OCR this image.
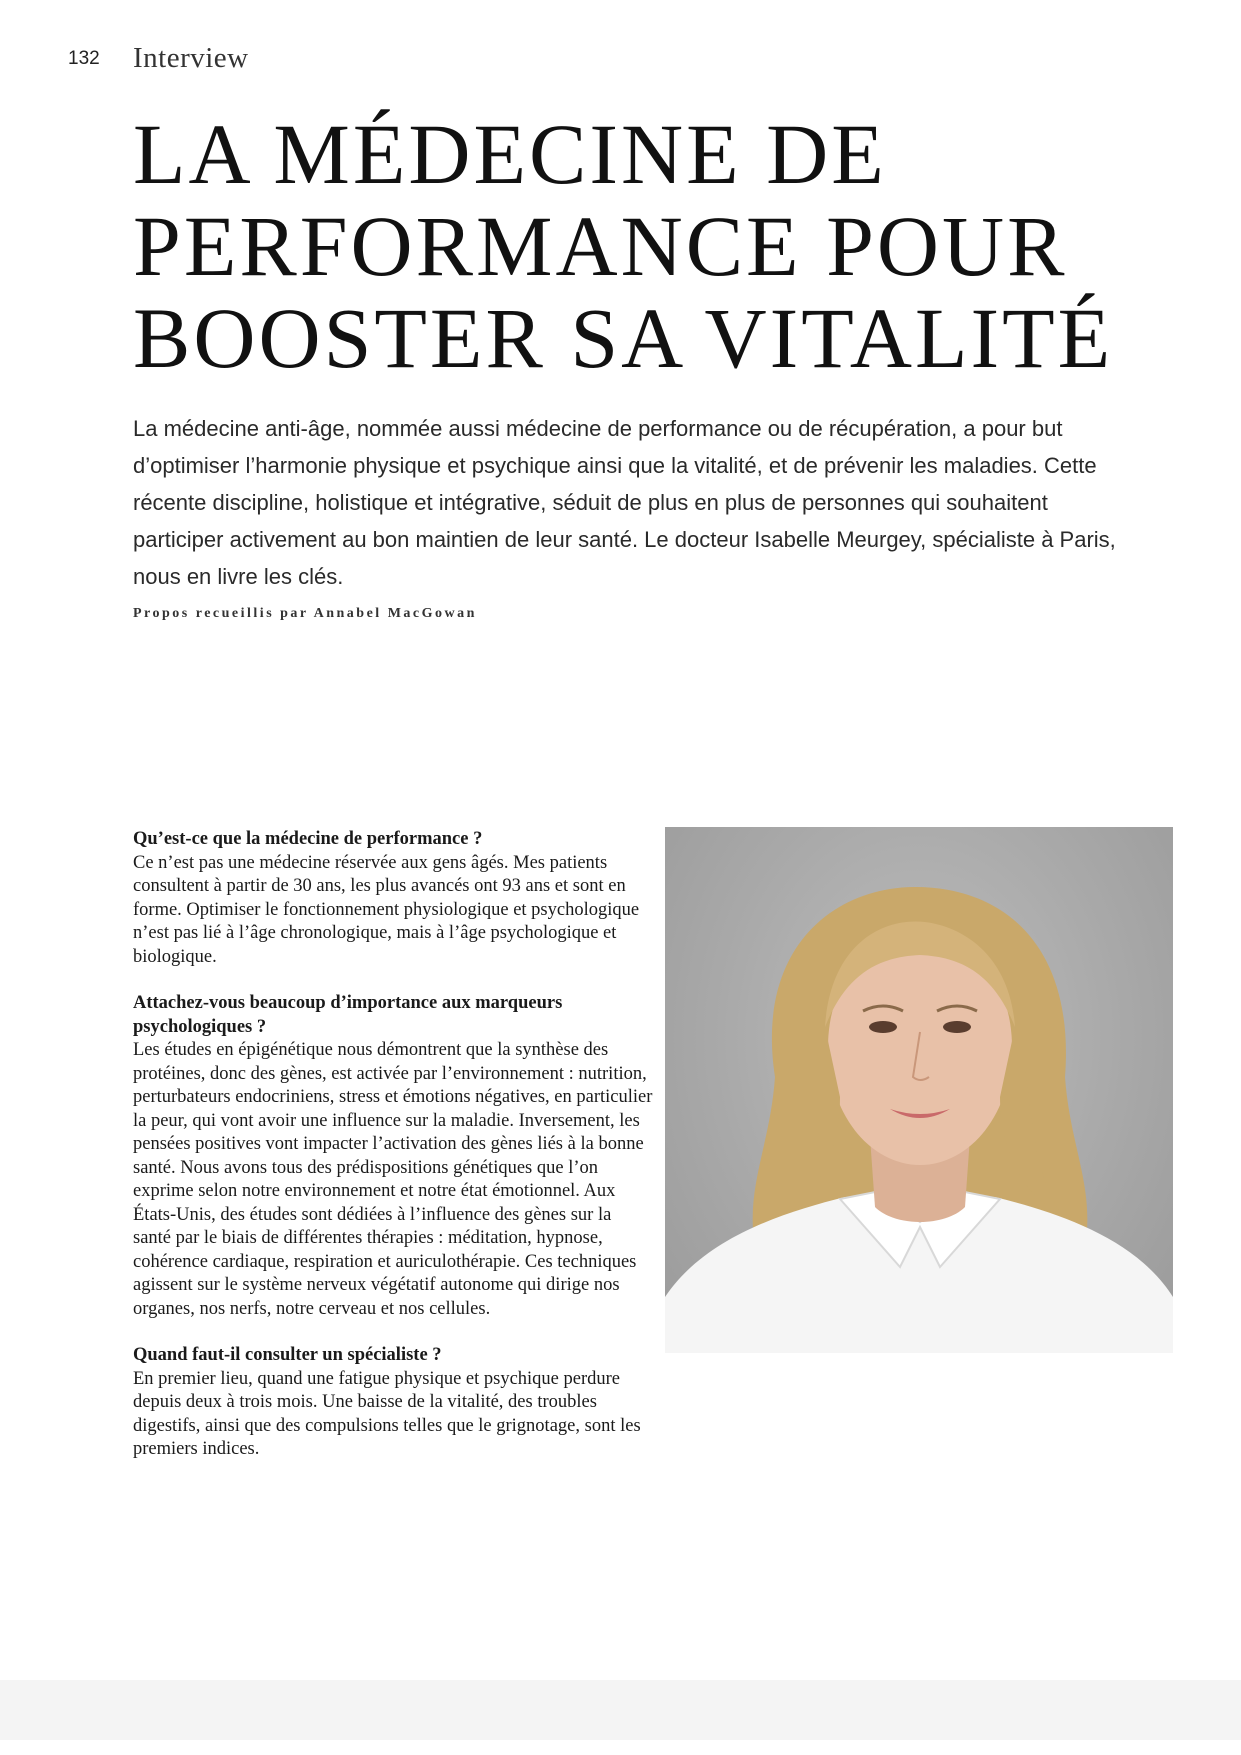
132 Interview
LA MÉDECINE DE
PERFORMANCE POUR
BOOSTER SA VITALITÉ

La médecine anti-âge, nommée aussi médecine de performance ou de récupération, a pour but d’optimiser l’harmonie physique et psychique ainsi que la vitalité, et de prévenir les maladies. Cette récente discipline, holistique et intégrative, séduit de plus en plus de personnes qui souhaitent participer activement au bon maintien de leur santé. Le docteur Isabelle Meurgey, spécialiste à Paris, nous en livre les clés.

Propos recueillis par Annabel MacGowan
Qu’est-ce que la médecine de performance ?
Ce n’est pas une médecine réservée aux gens âgés. Mes patients consultent à partir de 30 ans, les plus avancés ont 93 ans et sont en forme. Optimiser le fonctionnement physiologique et psychologique n’est pas lié à l’âge chronologique, mais à l’âge psychologique et biologique.
Attachez-vous beaucoup d’importance aux marqueurs psychologiques ?
Les études en épigénétique nous démontrent que la synthèse des protéines, donc des gènes, est activée par l’environnement : nutrition, perturbateurs endocriniens, stress et émotions négatives, en particulier la peur, qui vont avoir une influence sur la maladie. Inversement, les pensées positives vont impacter l’activation des gènes liés à la bonne santé. Nous avons tous des prédispositions génétiques que l’on exprime selon notre environnement et notre état émotionnel. Aux États-Unis, des études sont dédiées à l’influence des gènes sur la santé par le biais de différentes thérapies : méditation, hypnose, cohérence cardiaque, respiration et auriculothérapie. Ces techniques agissent sur le système nerveux végétatif autonome qui dirige nos organes, nos nerfs, notre cerveau et nos cellules.
Quand faut-il consulter un spécialiste ?
En premier lieu, quand une fatigue physique et psychique perdure depuis deux à trois mois. Une baisse de la vitalité, des troubles digestifs, ainsi que des compulsions telles que le grignotage, sont les premiers indices.
